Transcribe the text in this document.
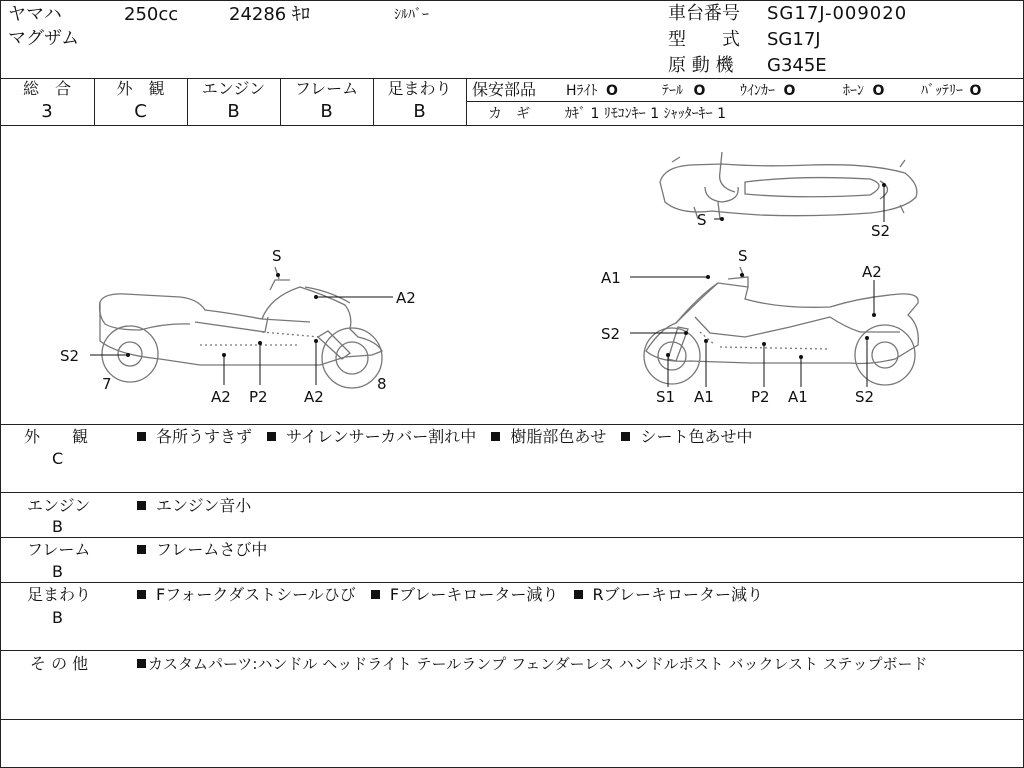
ヤマハ	250cc	24286 ｷﾛ	ｼﾙﾊﾞｰ
マグザム
車台番号 SG17J-009020
型　　式 SG17J
原 動 機 G345E
総　合
3
外　観
C
エンジン
B
フレーム
B
足まわり
B
保安部品 Hﾗｲﾄ O	ﾃｰﾙ O ｳｲﾝｶｰ O	ﾎｰﾝ O	ﾊﾞｯﾃﾘｰ O
カ　ギ	ｶｷﾞ 1 ﾘﾓｺﾝｷｰ 1 ｼｬｯﾀｰｷｰ 1
S
A2
S2
7	8
A2 P2 A2
S
S2
A1
S
A2
S2
S1 A1 P2 A1	S2
外　　観
C
各所うすきず サイレンサーカバー割れ中 樹脂部色あせ シート色あせ中
エンジン
B
エンジン音小
フレーム
B
フレームさび中
足まわり
B
Fフォークダストシールひび Fブレーキローター減り Rブレーキローター減り
そ の 他	カスタムパーツ:ハンドル ヘッドライト テールランプ フェンダーレス ハンドルポスト バックレスト ステップボード
